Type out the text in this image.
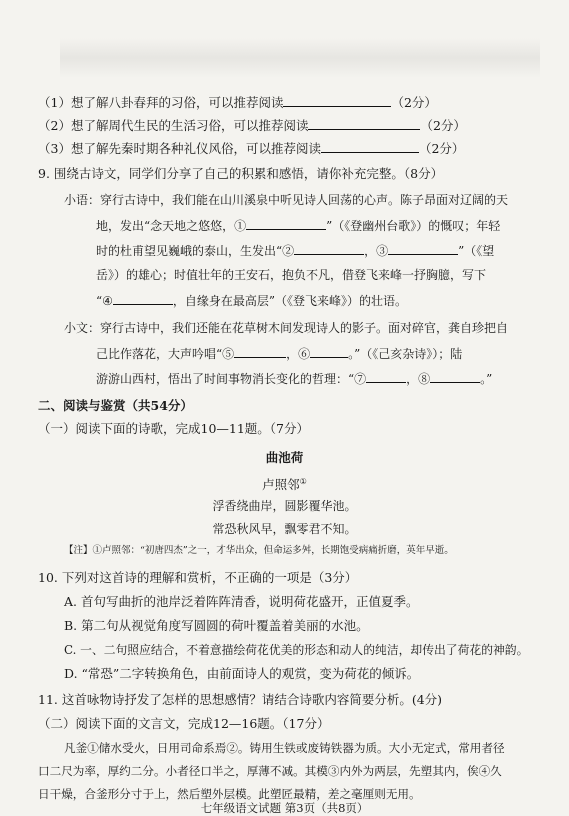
（1）想了解八卦春拜的习俗，可以推荐阅读	（2分）
（2）想了解周代生民的生活习俗，可以推荐阅读	（2分）
（3）想了解先秦时期各种礼仪风俗，可以推荐阅读	（2分）
9. 围绕古诗文，同学们分享了自己的积累和感悟，请你补充完整。（8分）
小语：穿行古诗中，我们能在山川溪泉中听见诗人回荡的心声。陈子昂面对辽阔的天
地，发出“念天地之悠悠，①	”（《登幽州台歌》）的慨叹；年轻
时的杜甫望见巍峨的泰山，生发出“②	，③	”（《望
岳》）的雄心；时值壮年的王安石，抱负不凡，借登飞来峰一抒胸臆，写下
“④	，自缘身在最高层”（《登飞来峰》）的壮语。
小文：穿行古诗中，我们还能在花草树木间发现诗人的影子。面对碎官，龚自珍把自
己比作落花，大声吟唱“⑤	，⑥	。”（《己亥杂诗》）；陆
游游山西村，悟出了时间事物消长变化的哲理：“⑦	，⑧	。”
二、阅读与鉴赏（共54分）
（一）阅读下面的诗歌，完成10—11题。（7分）
曲池荷
卢照邻①
浮香绕曲岸，圆影覆华池。
常恐秋风早，飘零君不知。
【注】①卢照邻：“初唐四杰”之一，才华出众，但命运多舛，长期饱受病痛折磨，英年早逝。
10. 下列对这首诗的理解和赏析，不正确的一项是（3分）
A. 首句写曲折的池岸泛着阵阵清香，说明荷花盛开，正值夏季。
B. 第二句从视觉角度写圆圆的荷叶覆盖着美丽的水池。
C. 一、二句照应结合，不着意描绘荷花优美的形态和动人的纯洁，却传出了荷花的神韵。
D. “常恐”二字转换角色，由前面诗人的观赏，变为荷花的倾诉。
11. 这首咏物诗抒发了怎样的思想感情？请结合诗歌内容简要分析。(4分)
（二）阅读下面的文言文，完成12—16题。（17分）
凡釜①储水受火，日用司命系焉②。铸用生铁或废铸铁器为质。大小无定式，常用者径
口二尺为率，厚约二分。小者径口半之，厚薄不减。其模③内外为两层，先塑其内，俟④久
日干燥，合釜形分寸于上，然后塑外层模。此塑匠最精，差之毫厘则无用。
七年级语文试题 第3页（共8页）
